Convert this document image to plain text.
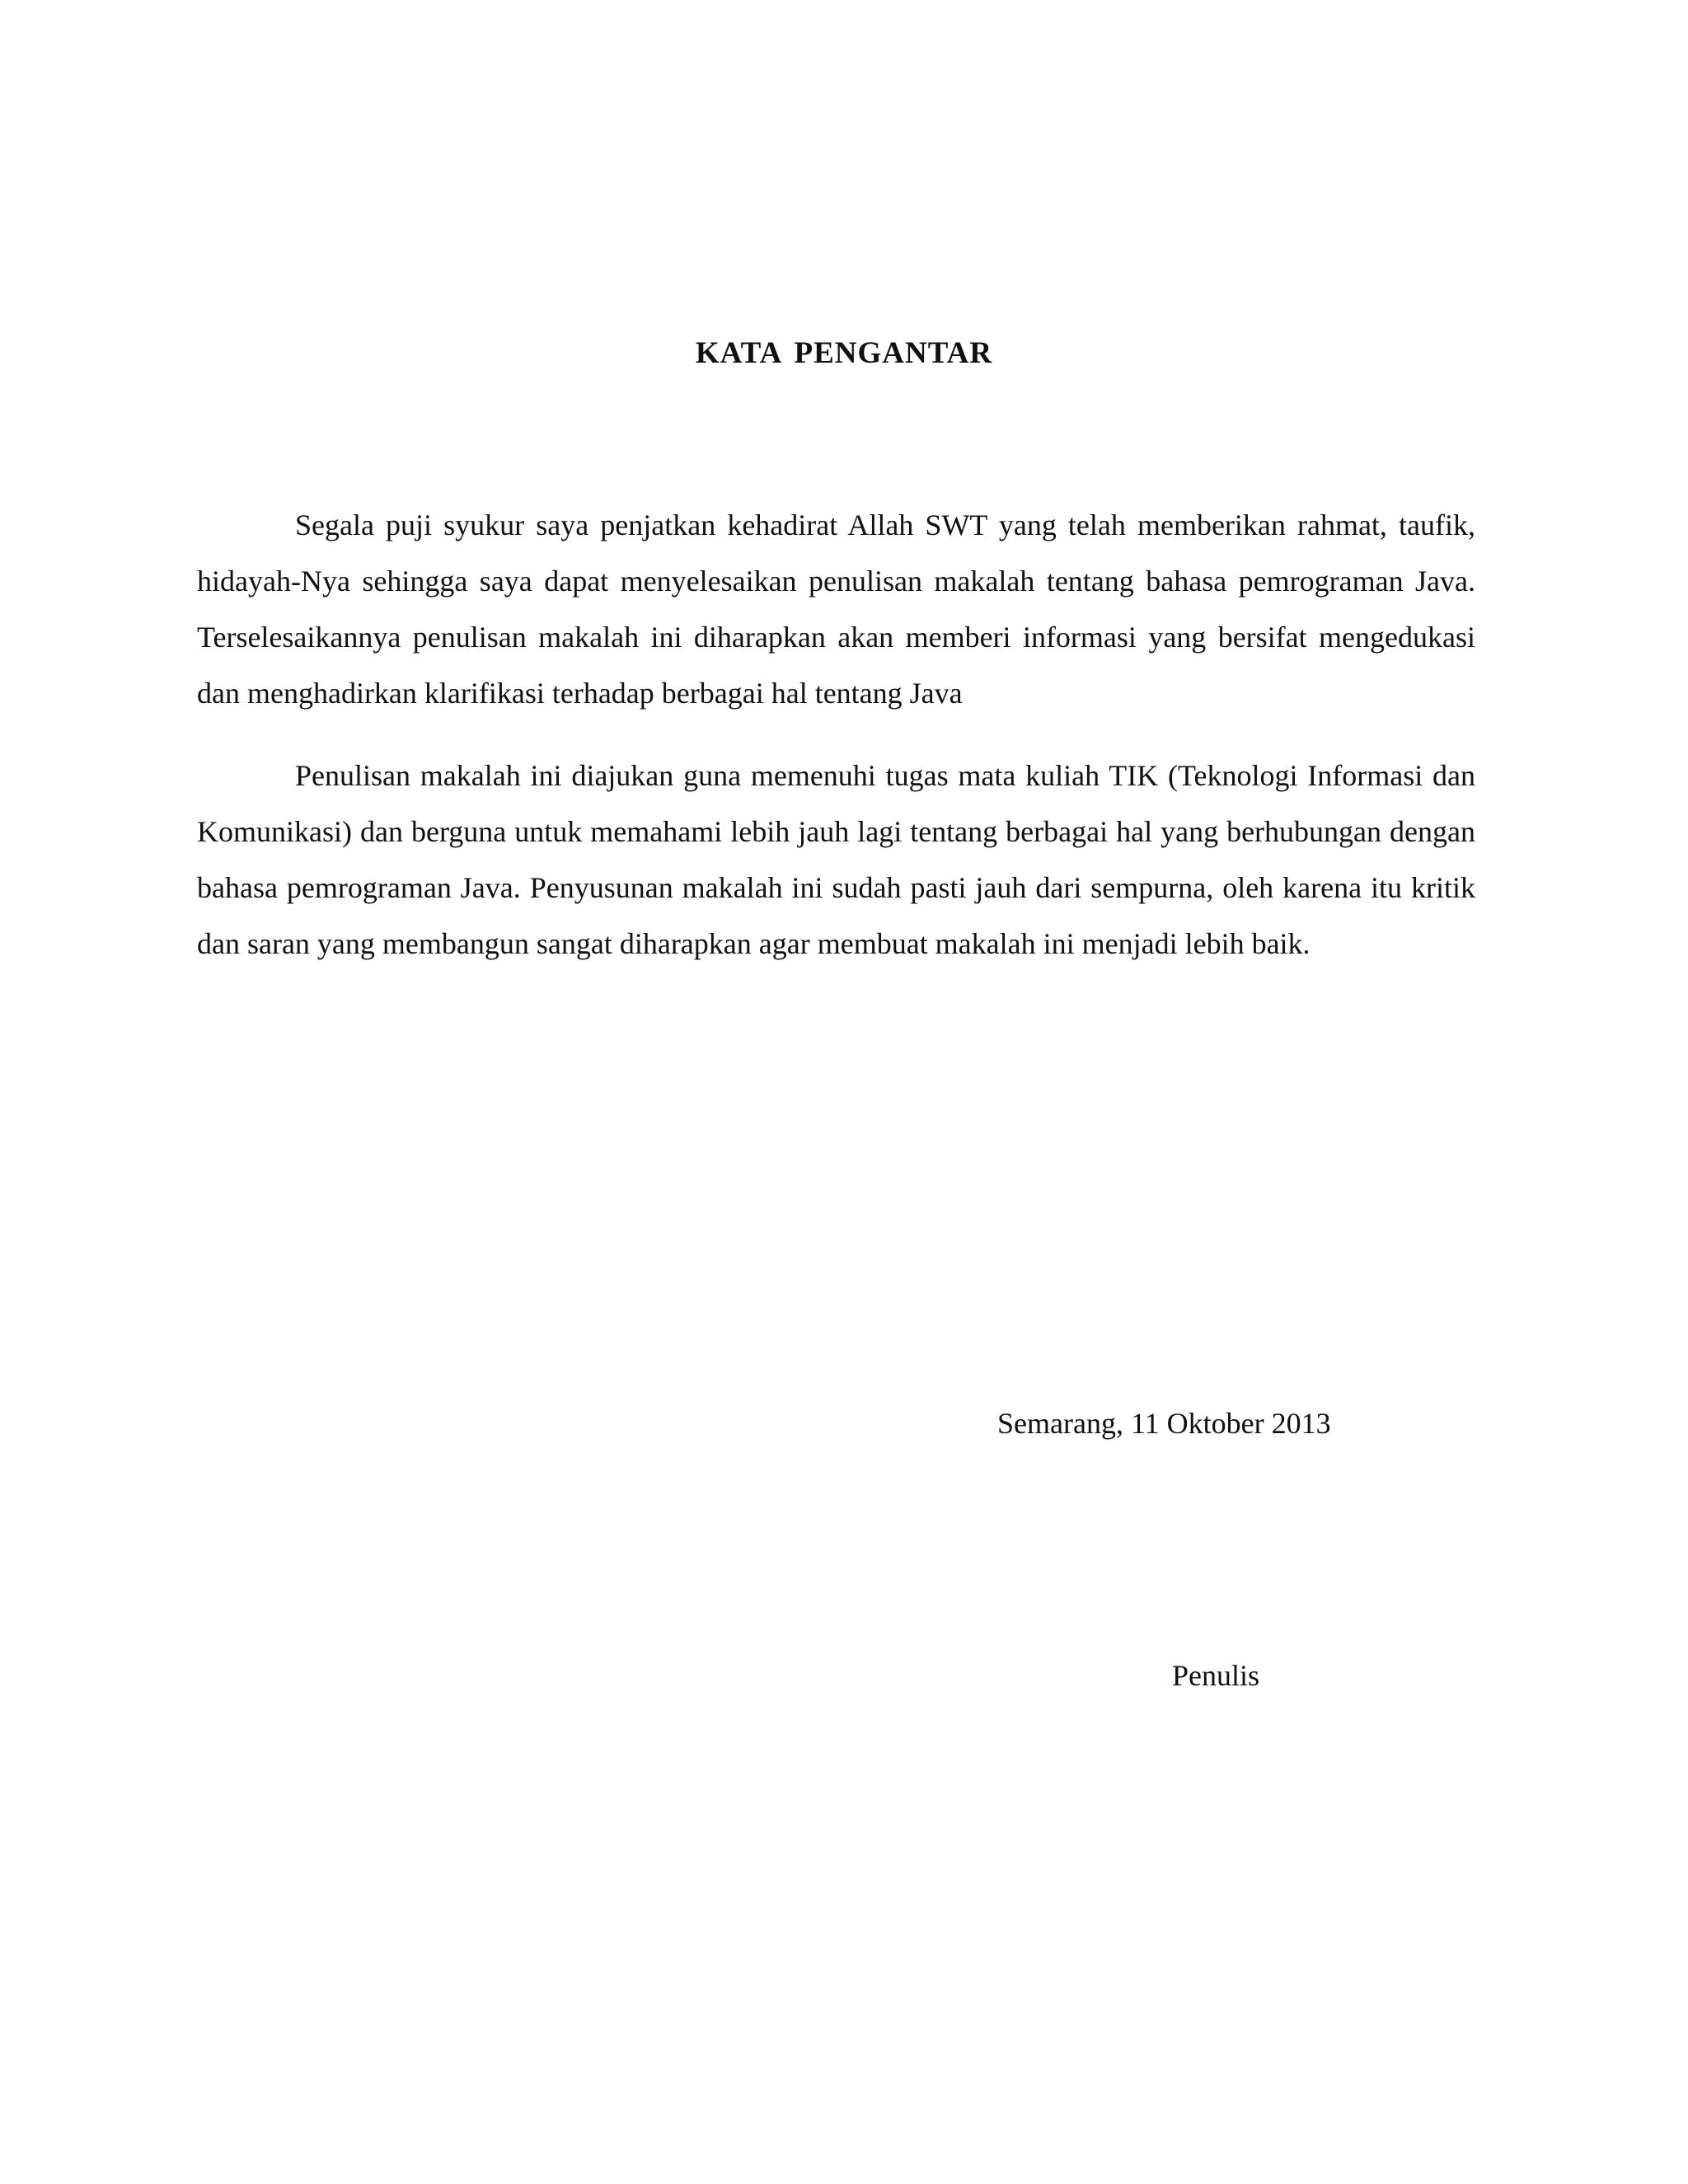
KATA PENGANTAR

Segala puji syukur saya penjatkan kehadirat Allah SWT yang telah memberikan rahmat, taufik, hidayah-Nya sehingga saya dapat menyelesaikan penulisan makalah tentang bahasa pemrograman Java. Terselesaikannya penulisan makalah ini diharapkan akan memberi informasi yang bersifat mengedukasi dan menghadirkan klarifikasi terhadap berbagai hal tentang Java

Penulisan makalah ini diajukan guna memenuhi tugas mata kuliah TIK (Teknologi Informasi dan Komunikasi) dan berguna untuk memahami lebih jauh lagi tentang berbagai hal yang berhubungan dengan bahasa pemrograman Java. Penyusunan makalah ini sudah pasti jauh dari sempurna, oleh karena itu kritik dan saran yang membangun sangat diharapkan agar membuat makalah ini menjadi lebih baik.

Semarang, 11 Oktober 2013
Penulis
